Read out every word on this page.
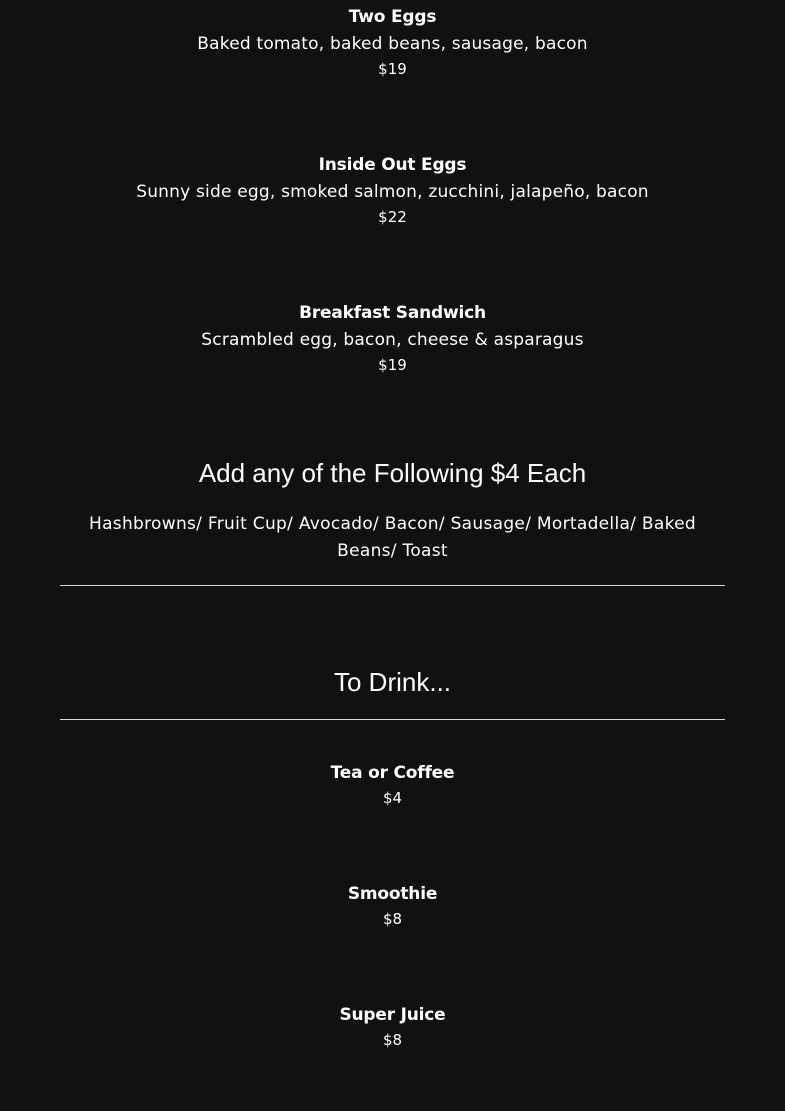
Two Eggs
Baked tomato, baked beans, sausage, bacon
$19
Inside Out Eggs
Sunny side egg, smoked salmon, zucchini, jalapeño, bacon
$22
Breakfast Sandwich
Scrambled egg, bacon, cheese & asparagus
$19
Add any of the Following $4 Each
Hashbrowns/ Fruit Cup/ Avocado/ Bacon/ Sausage/ Mortadella/ Baked Beans/ Toast
To Drink...
Tea or Coffee
$4
Smoothie
$8
Super Juice
$8
